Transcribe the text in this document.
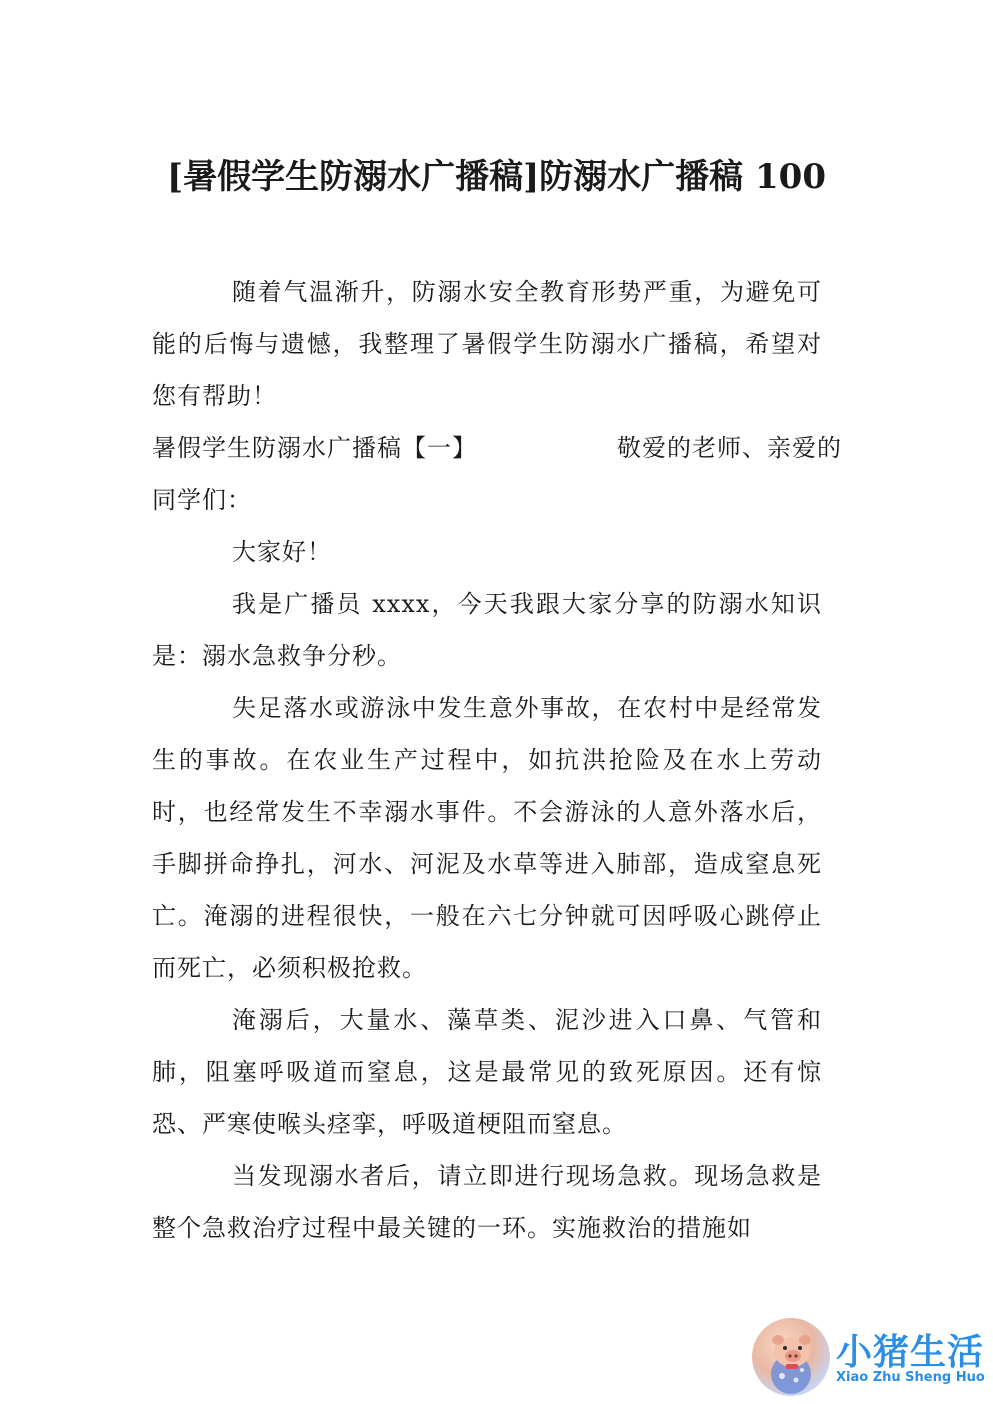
[暑假学生防溺水广播稿]防溺水广播稿 100

随着气温渐升，防溺水安全教育形势严重，为避免可能的后悔与遗憾，我整理了暑假学生防溺水广播稿，希望对您有帮助！

暑假学生防溺水广播稿【一】	敬爱的老师、亲爱的

同学们：

大家好！

我是广播员 xxxx，今天我跟大家分享的防溺水知识是：溺水急救争分秒。

失足落水或游泳中发生意外事故，在农村中是经常发生的事故。在农业生产过程中，如抗洪抢险及在水上劳动时，也经常发生不幸溺水事件。不会游泳的人意外落水后，手脚拼命挣扎，河水、河泥及水草等进入肺部，造成窒息死亡。淹溺的进程很快，一般在六七分钟就可因呼吸心跳停止而死亡，必须积极抢救。

淹溺后，大量水、藻草类、泥沙进入口鼻、气管和肺，阻塞呼吸道而窒息，这是最常见的致死原因。还有惊恐、严寒使喉头痉挛，呼吸道梗阻而窒息。

当发现溺水者后，请立即进行现场急救。现场急救是整个急救治疗过程中最关键的一环。实施救治的措施如

小猪生活
Xiao Zhu Sheng Huo
